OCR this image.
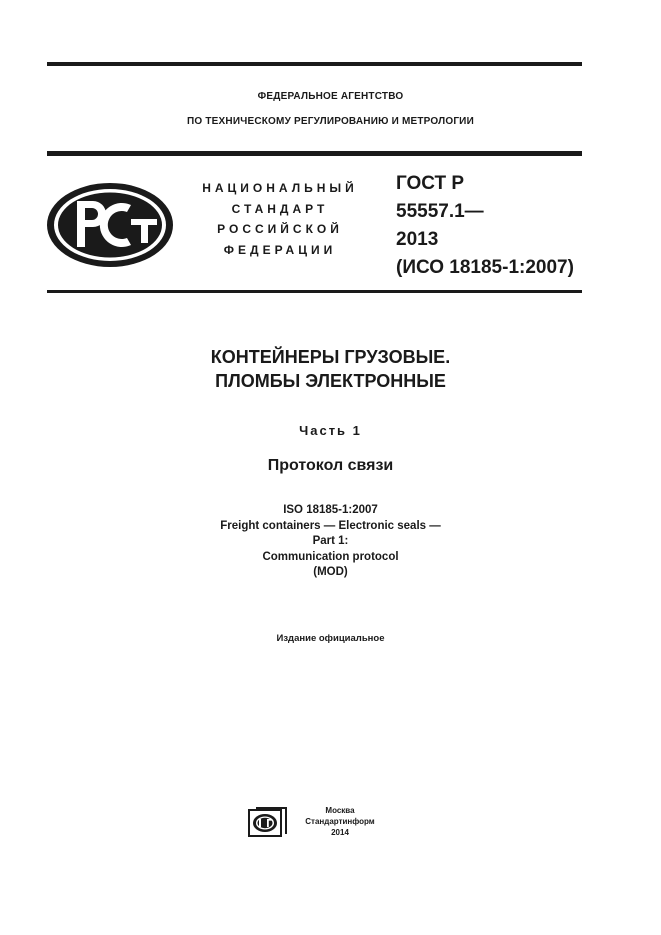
ФЕДЕРАЛЬНОЕ АГЕНТСТВО
ПО ТЕХНИЧЕСКОМУ РЕГУЛИРОВАНИЮ И МЕТРОЛОГИИ
НАЦИОНАЛЬНЫЙ
СТАНДАРТ
РОССИЙСКОЙ
ФЕДЕРАЦИИ
ГОСТ Р
55557.1—
2013
(ИСО 18185-1:2007)
КОНТЕЙНЕРЫ ГРУЗОВЫЕ.
ПЛОМБЫ ЭЛЕКТРОННЫЕ
Часть 1
Протокол связи
ISO 18185-1:2007
Freight containers — Electronic seals —
Part 1:
Communication protocol
(MOD)
Издание официальное
Москва
Стандартинформ
2014
